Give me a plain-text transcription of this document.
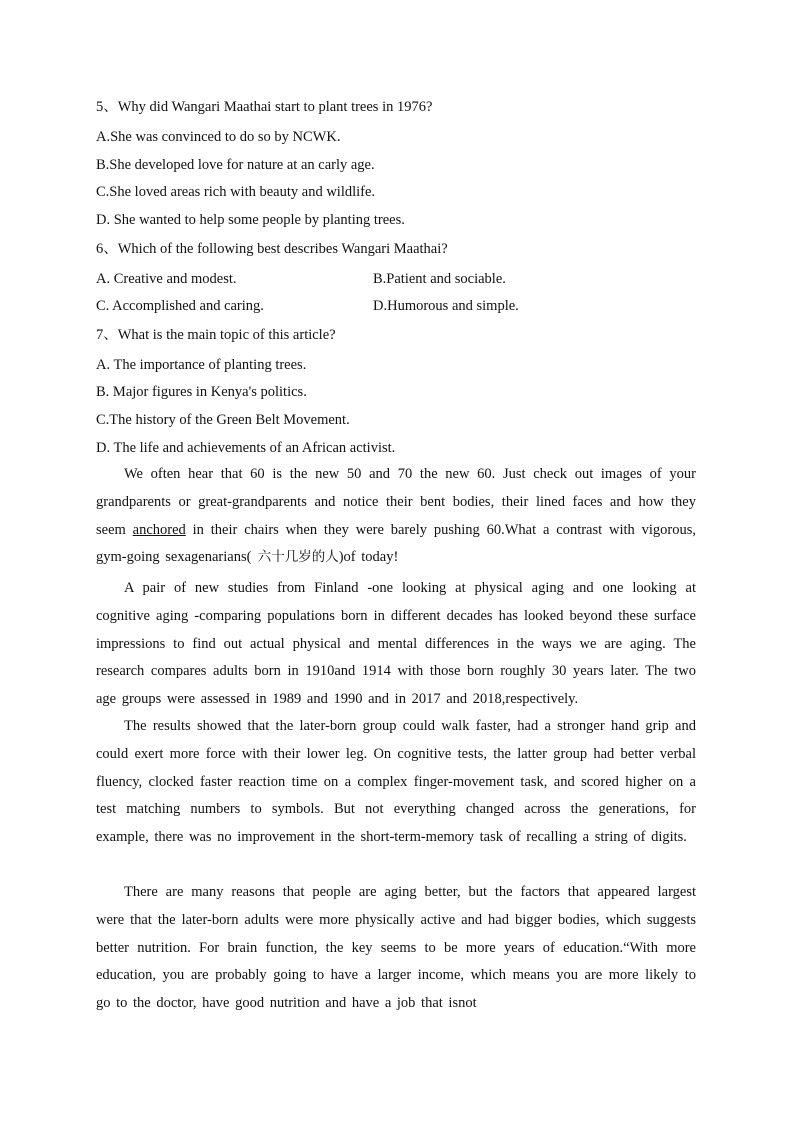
5、Why did Wangari Maathai start to plant trees in 1976?
A.She was convinced to do so by NCWK.
B.She developed love for nature at an carly age.
C.She loved areas rich with beauty and wildlife.
D. She wanted to help some people by planting trees.
6、Which of the following best describes Wangari Maathai?
A. Creative and modest.	B.Patient and sociable.
C. Accomplished and caring.	D.Humorous and simple.
7、What is the main topic of this article?
A. The importance of planting trees.
B. Major figures in Kenya's politics.
C.The history of the Green Belt Movement.
D. The life and achievements of an African activist.
We often hear that 60 is the new 50 and 70 the new 60. Just check out images of your grandparents or great-grandparents and notice their bent bodies, their lined faces and how they seem anchored in their chairs when they were barely pushing 60.What a contrast with vigorous, gym-going sexagenarians( 六十几岁的人)of today!
A pair of new studies from Finland -one looking at physical aging and one looking at cognitive aging -comparing populations born in different decades has looked beyond these surface impressions to find out actual physical and mental differences in the ways we are aging. The research compares adults born in 1910and 1914 with those born roughly 30 years later. The two age groups were assessed in 1989 and 1990 and in 2017 and 2018,respectively.
The results showed that the later-born group could walk faster, had a stronger hand grip and could exert more force with their lower leg. On cognitive tests, the latter group had better verbal fluency, clocked faster reaction time on a complex finger-movement task, and scored higher on a test matching numbers to symbols. But not everything changed across the generations, for example, there was no improvement in the short-term-memory task of recalling a string of digits.
There are many reasons that people are aging better, but the factors that appeared largest were that the later-born adults were more physically active and had bigger bodies, which suggests better nutrition. For brain function, the key seems to be more years of education.“With more education, you are probably going to have a larger income, which means you are more likely to go to the doctor, have good nutrition and have a job that isnot
